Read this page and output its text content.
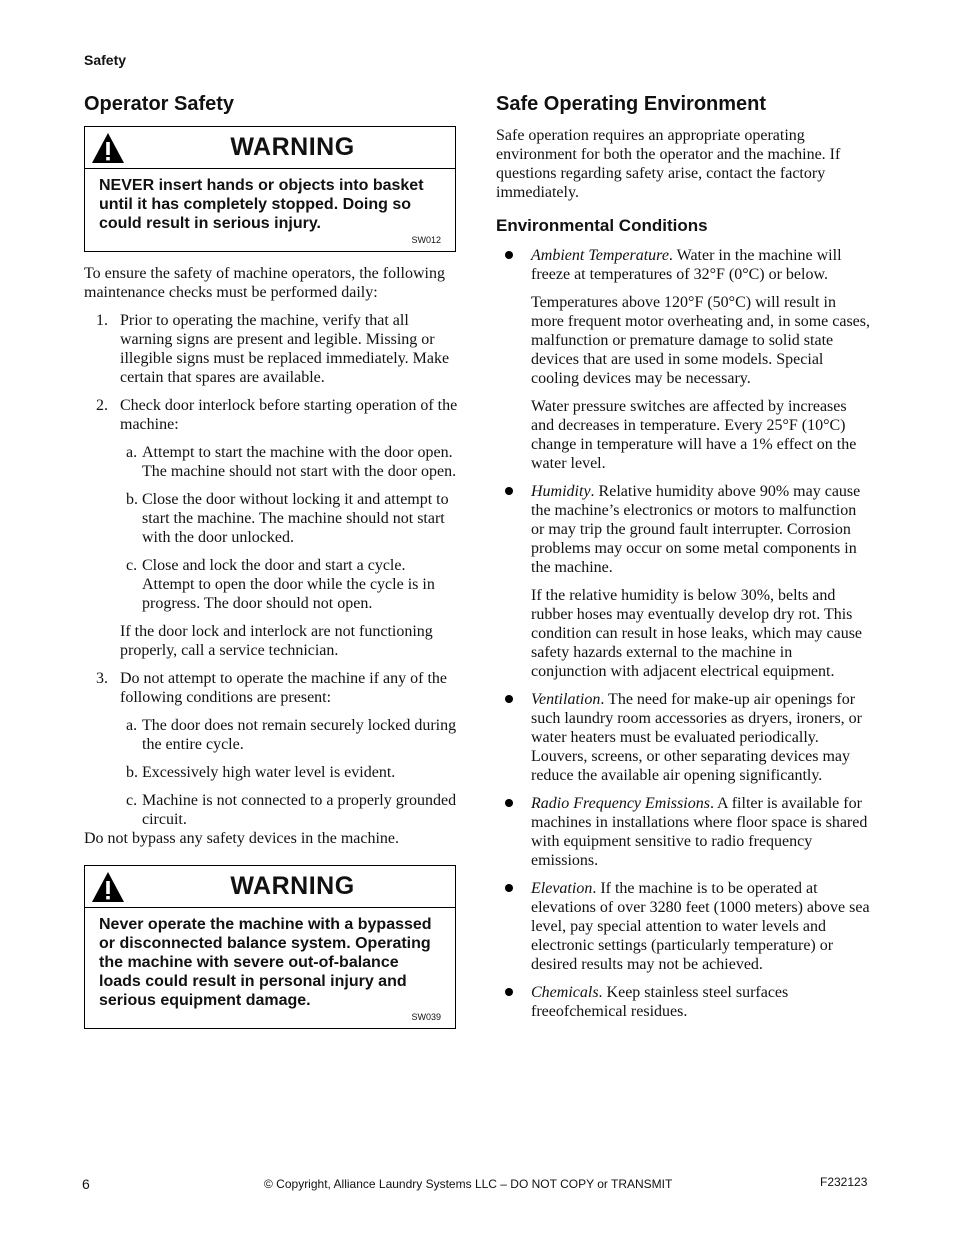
Safety
Operator Safety
WARNING
NEVER insert hands or objects into basket until it has completely stopped. Doing so could result in serious injury.
SW012

To ensure the safety of machine operators, the following maintenance checks must be performed daily:

1. Prior to operating the machine, verify that all warning signs are present and legible. Missing or illegible signs must be replaced immediately. Make certain that spares are available.
2. Check door interlock before starting operation of the machine:
a. Attempt to start the machine with the door open. The machine should not start with the door open.
b. Close the door without locking it and attempt to start the machine. The machine should not start with the door unlocked.
c. Close and lock the door and start a cycle. Attempt to open the door while the cycle is in progress. The door should not open.

If the door lock and interlock are not functioning properly, call a service technician.

3. Do not attempt to operate the machine if any of the following conditions are present:
a. The door does not remain securely locked during the entire cycle.
b. Excessively high water level is evident.
c. Machine is not connected to a properly grounded circuit.

Do not bypass any safety devices in the machine.

WARNING
Never operate the machine with a bypassed or disconnected balance system. Operating the machine with severe out-of-balance loads could result in personal injury and serious equipment damage.
SW039
Safe Operating Environment

Safe operation requires an appropriate operating environment for both the operator and the machine. If questions regarding safety arise, contact the factory immediately.

Environmental Conditions

Ambient Temperature. Water in the machine will freeze at temperatures of 32°F (0°C) or below.

Temperatures above 120°F (50°C) will result in more frequent motor overheating and, in some cases, malfunction or premature damage to solid state devices that are used in some models. Special cooling devices may be necessary.

Water pressure switches are affected by increases and decreases in temperature. Every 25°F (10°C) change in temperature will have a 1% effect on the water level.

Humidity. Relative humidity above 90% may cause the machine’s electronics or motors to malfunction or may trip the ground fault interrupter. Corrosion problems may occur on some metal components in the machine.

If the relative humidity is below 30%, belts and rubber hoses may eventually develop dry rot. This condition can result in hose leaks, which may cause safety hazards external to the machine in conjunction with adjacent electrical equipment.

Ventilation. The need for make-up air openings for such laundry room accessories as dryers, ironers, or water heaters must be evaluated periodically. Louvers, screens, or other separating devices may reduce the available air opening significantly.

Radio Frequency Emissions. A filter is available for machines in installations where floor space is shared with equipment sensitive to radio frequency emissions.

Elevation. If the machine is to be operated at elevations of over 3280 feet (1000 meters) above sea level, pay special attention to water levels and electronic settings (particularly temperature) or desired results may not be achieved.

Chemicals. Keep stainless steel surfaces freeofchemical residues.

6	© Copyright, Alliance Laundry Systems LLC – DO NOT COPY or TRANSMIT	F232123
